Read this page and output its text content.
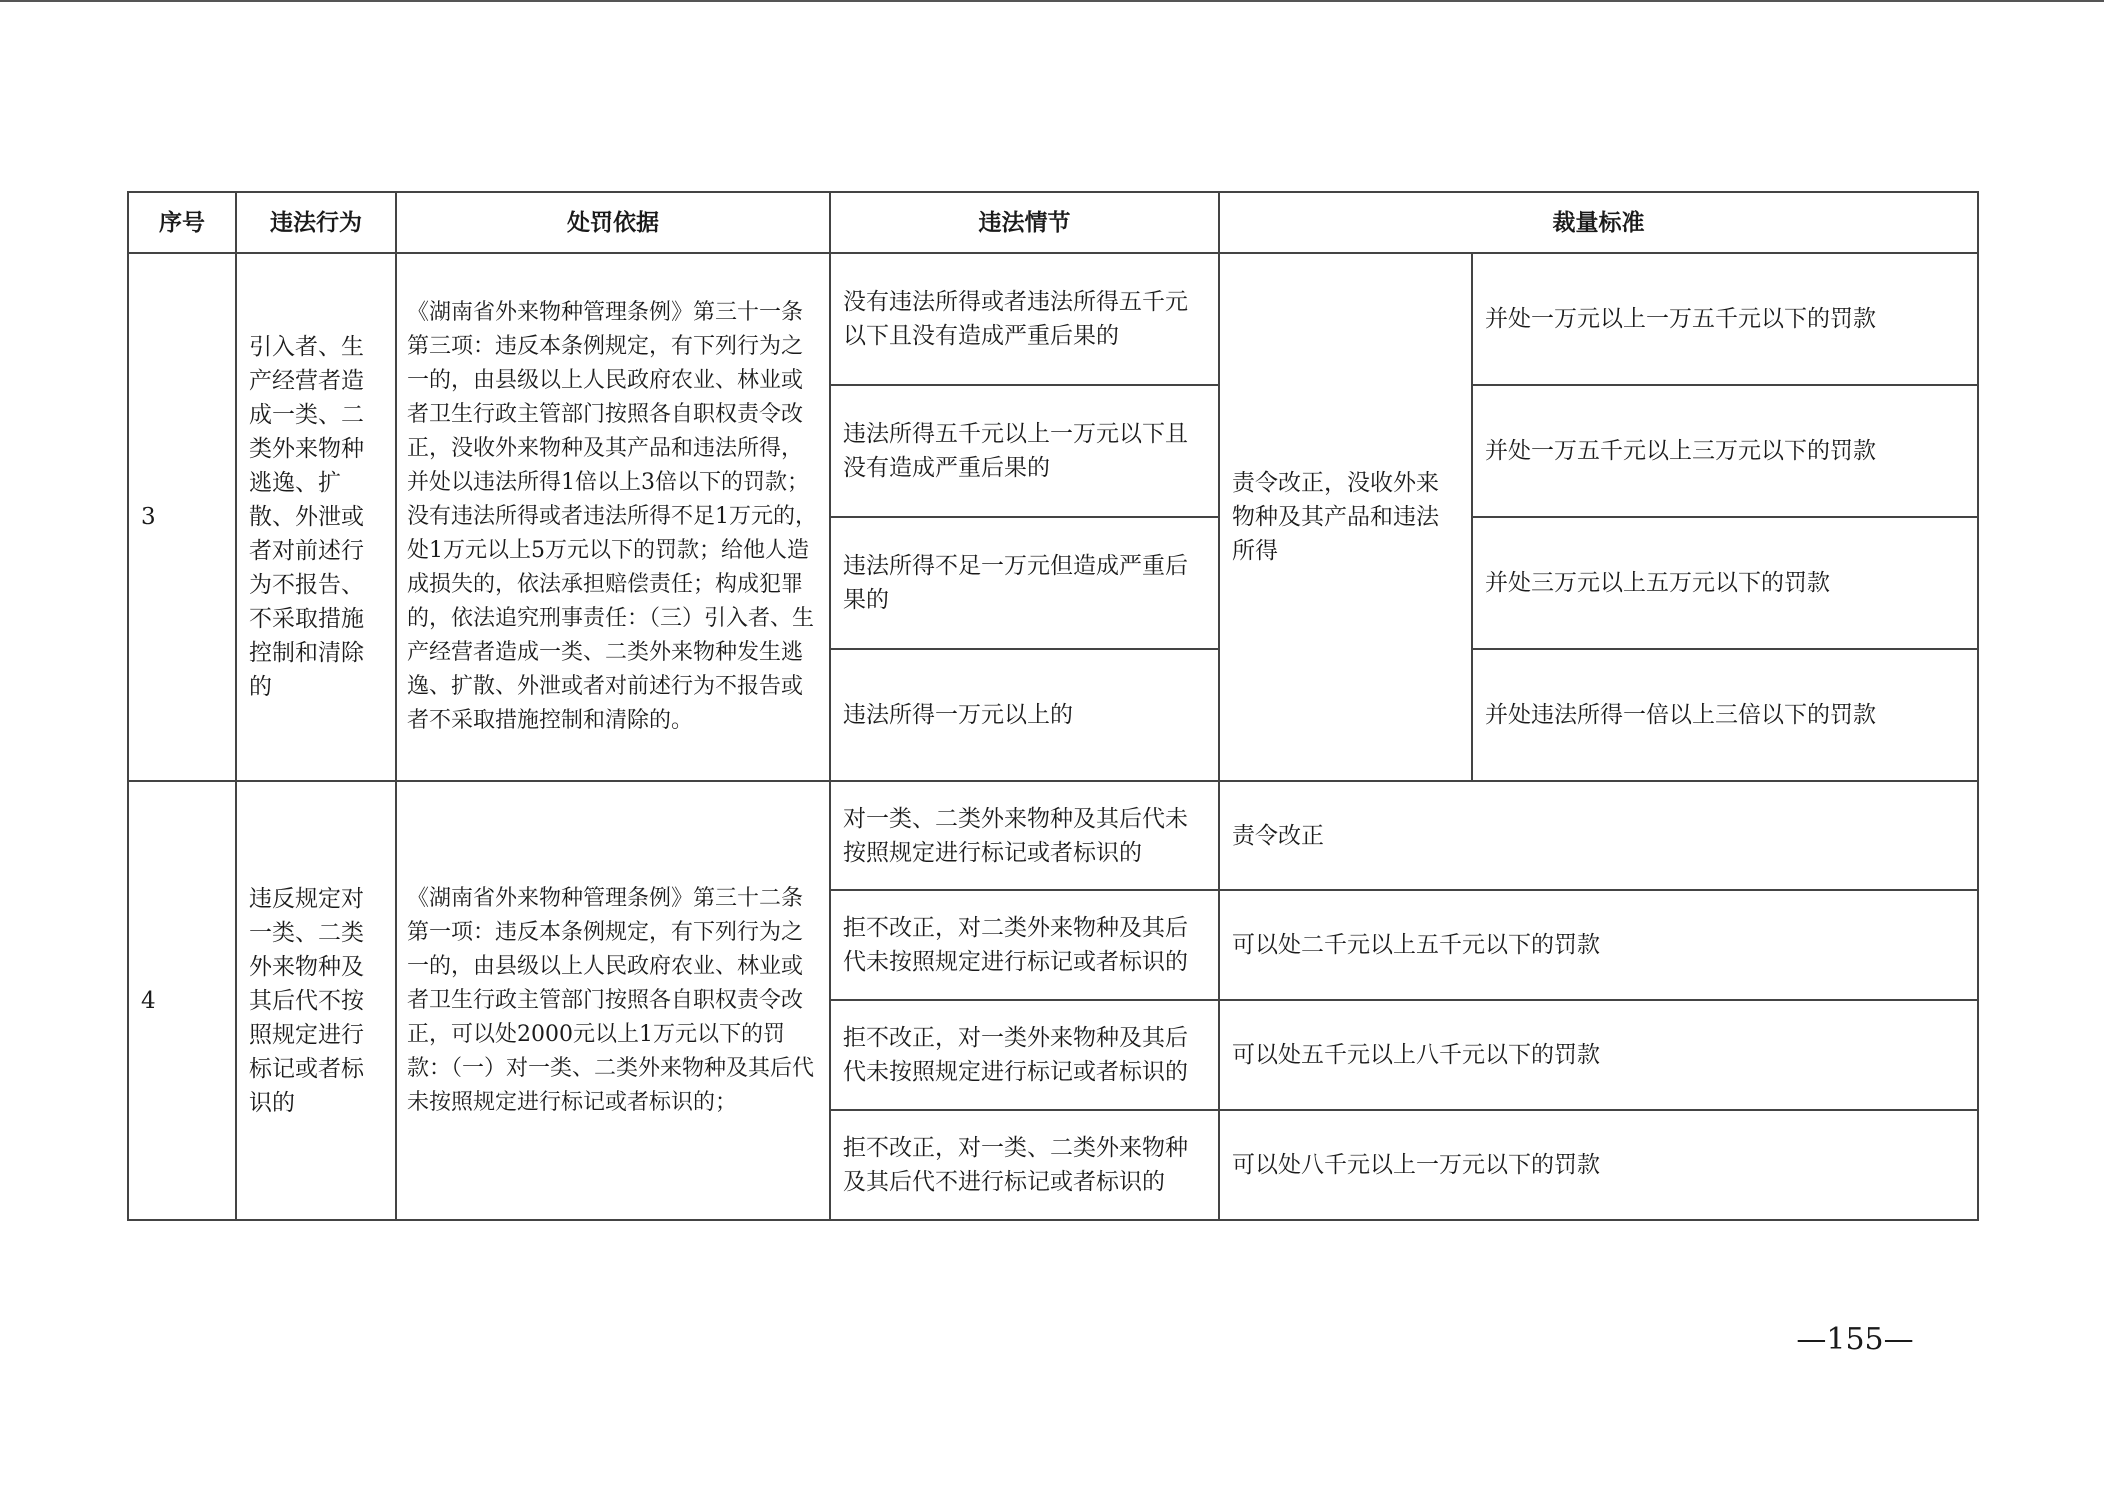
序号	违法行为	处罚依据	违法情节	裁量标准	
3	引入者、生产经营者造成一类、二类外来物种逃逸、扩散、外泄或者对前述行为不报告、不采取措施控制和清除的	《湖南省外来物种管理条例》第三十一条第三项：违反本条例规定，有下列行为之一的，由县级以上人民政府农业、林业或者卫生行政主管部门按照各自职权责令改正，没收外来物种及其产品和违法所得，并处以违法所得1倍以上3倍以下的罚款；没有违法所得或者违法所得不足1万元的，处1万元以上5万元以下的罚款；给他人造成损失的，依法承担赔偿责任；构成犯罪的，依法追究刑事责任：（三）引入者、生产经营者造成一类、二类外来物种发生逃逸、扩散、外泄或者对前述行为不报告或者不采取措施控制和清除的。	没有违法所得或者违法所得五千元以下且没有造成严重后果的	责令改正，没收外来物种及其产品和违法所得	并处一万元以上一万五千元以下的罚款
			违法所得五千元以上一万元以下且没有造成严重后果的		并处一万五千元以上三万元以下的罚款
			违法所得不足一万元但造成严重后果的		并处三万元以上五万元以下的罚款
			违法所得一万元以上的		并处违法所得一倍以上三倍以下的罚款
4	违反规定对一类、二类外来物种及其后代不按照规定进行标记或者标识的	《湖南省外来物种管理条例》第三十二条第一项：违反本条例规定，有下列行为之一的，由县级以上人民政府农业、林业或者卫生行政主管部门按照各自职权责令改正，可以处2000元以上1万元以下的罚款：（一）对一类、二类外来物种及其后代未按照规定进行标记或者标识的；	对一类、二类外来物种及其后代未按照规定进行标记或者标识的	责令改正	
			拒不改正，对二类外来物种及其后代未按照规定进行标记或者标识的	可以处二千元以上五千元以下的罚款	
			拒不改正，对一类外来物种及其后代未按照规定进行标记或者标识的	可以处五千元以上八千元以下的罚款	
			拒不改正，对一类、二类外来物种及其后代不进行标记或者标识的	可以处八千元以上一万元以下的罚款	
—155—
